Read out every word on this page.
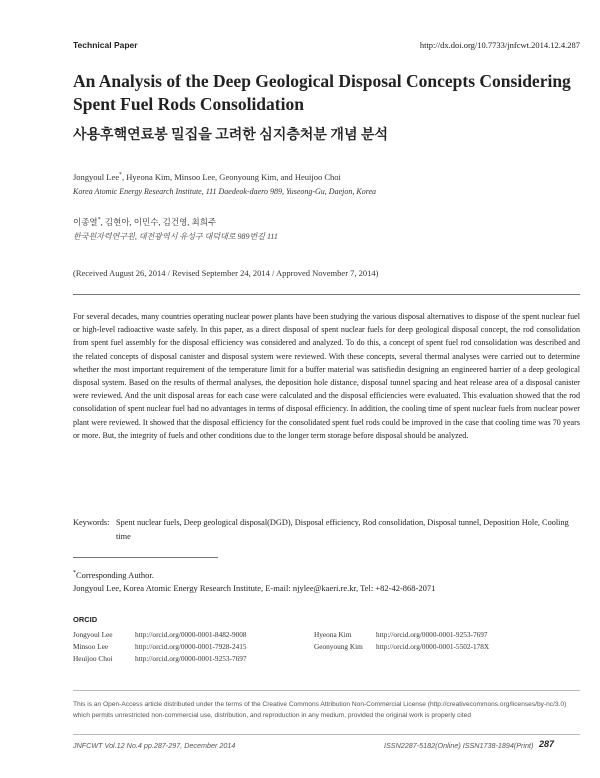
Technical Paper	http://dx.doi.org/10.7733/jnfcwt.2014.12.4.287
An Analysis of the Deep Geological Disposal Concepts Considering Spent Fuel Rods Consolidation
사용후핵연료봉 밀집을 고려한 심지층처분 개념 분석
Jongyoul Lee*, Hyeona Kim, Minsoo Lee, Geonyoung Kim, and Heuijoo Choi
Korea Atomic Energy Research Institute, 111 Daedeok-daero 989, Yuseong-Gu, Daejon, Korea
이종열*, 김현아, 이민수, 김건영, 최희주
한국원자력연구원, 대전광역시 유성구 대덕대로 989번길 111
(Received August 26, 2014 / Revised September 24, 2014 / Approved November 7, 2014)

For several decades, many countries operating nuclear power plants have been studying the various disposal alternatives to dispose of the spent nuclear fuel or high-level radioactive waste safely. In this paper, as a direct disposal of spent nuclear fuels for deep geological disposal concept, the rod consolidation from spent fuel assembly for the disposal efficiency was considered and analyzed. To do this, a concept of spent fuel rod consolidation was described and the related concepts of disposal canister and disposal system were reviewed. With these concepts, several thermal analyses were carried out to determine whether the most important requirement of the temperature limit for a buffer material was satisfiedin designing an engineered barrier of a deep geological disposal system. Based on the results of thermal analyses, the deposition hole distance, disposal tunnel spacing and heat release area of a disposal canister were reviewed. And the unit disposal areas for each case were calculated and the disposal efficiencies were evaluated. This evaluation showed that the rod consolidation of spent nuclear fuel had no advantages in terms of disposal efficiency. In addition, the cooling time of spent nuclear fuels from nuclear power plant were reviewed. It showed that the disposal efficiency for the consolidated spent fuel rods could be improved in the case that cooling time was 70 years or more. But, the integrity of fuels and other conditions due to the longer term storage before disposal should be analyzed.

Keywords: Spent nuclear fuels, Deep geological disposal(DGD), Disposal efficiency, Rod consolidation, Disposal tunnel, Deposition Hole, Cooling time
*Corresponding Author.
Jongyoul Lee, Korea Atomic Energy Research Institute, E-mail: njylee@kaeri.re.kr, Tel: +82-42-868-2071
ORCID
Jongyoul Lee	http://orcid.org/0000-0001-8482-9008
Minsoo Lee	http://orcid.org/0000-0001-7928-2415
Heuijoo Choi	http://orcid.org/0000-0001-9253-7697
Hyeona Kim	http://orcid.org/0000-0001-9253-7697
Geonyoung Kim http://orcid.org/0000-0001-5502-178X
This is an Open-Access article distributed under the terms of the Creative Commons Attribution Non-Commercial License (http://creativecommons.org/licenses/by-nc/3.0) which permits unrestricted non-commercial use, distribution, and reproduction in any medium, provided the original work is properly cited
JNFCWT Vol.12 No.4 pp.287-297, December 2014	ISSN2287-5182(Online) ISSN1738-1894(Print) 287
